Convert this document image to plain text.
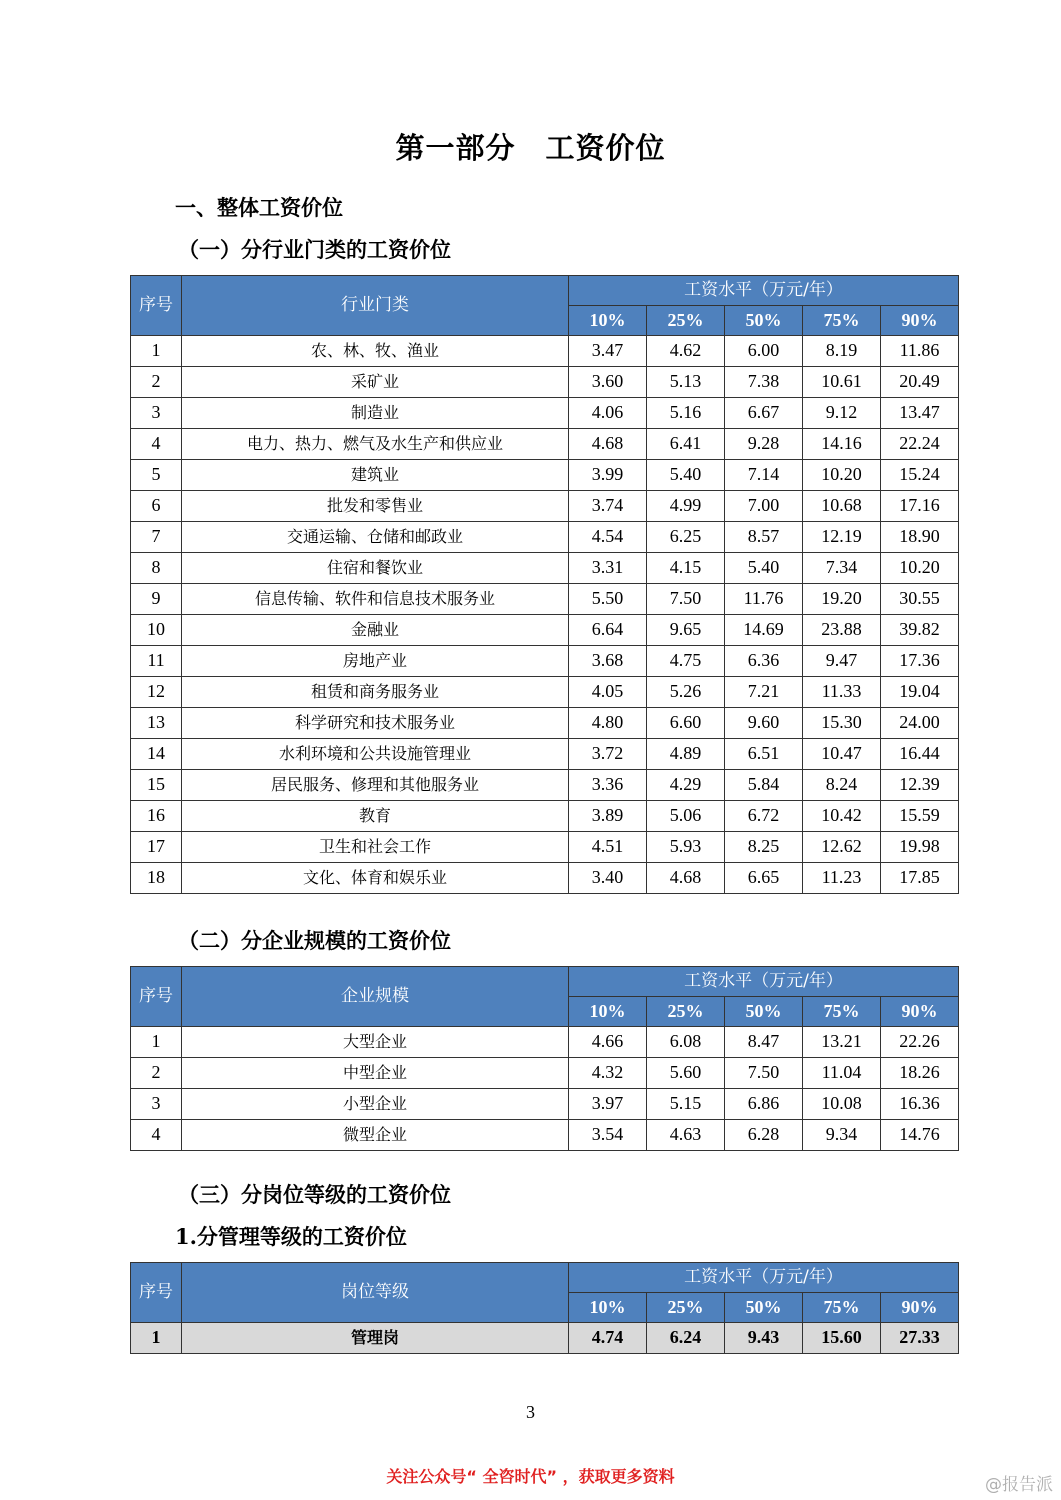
第一部分　工资价位
一、整体工资价位
（一）分行业门类的工资价位
序号	行业门类	工资水平（万元/年）				
		10%	25%	50%	75%	90%
1	农、林、牧、渔业	3.47	4.62	6.00	8.19	11.86
2	采矿业	3.60	5.13	7.38	10.61	20.49
3	制造业	4.06	5.16	6.67	9.12	13.47
4	电力、热力、燃气及水生产和供应业	4.68	6.41	9.28	14.16	22.24
5	建筑业	3.99	5.40	7.14	10.20	15.24
6	批发和零售业	3.74	4.99	7.00	10.68	17.16
7	交通运输、仓储和邮政业	4.54	6.25	8.57	12.19	18.90
8	住宿和餐饮业	3.31	4.15	5.40	7.34	10.20
9	信息传输、软件和信息技术服务业	5.50	7.50	11.76	19.20	30.55
10	金融业	6.64	9.65	14.69	23.88	39.82
11	房地产业	3.68	4.75	6.36	9.47	17.36
12	租赁和商务服务业	4.05	5.26	7.21	11.33	19.04
13	科学研究和技术服务业	4.80	6.60	9.60	15.30	24.00
14	水利环境和公共设施管理业	3.72	4.89	6.51	10.47	16.44
15	居民服务、修理和其他服务业	3.36	4.29	5.84	8.24	12.39
16	教育	3.89	5.06	6.72	10.42	15.59
17	卫生和社会工作	4.51	5.93	8.25	12.62	19.98
18	文化、体育和娱乐业	3.40	4.68	6.65	11.23	17.85
（二）分企业规模的工资价位
序号	企业规模	工资水平（万元/年）				
		10%	25%	50%	75%	90%
1	大型企业	4.66	6.08	8.47	13.21	22.26
2	中型企业	4.32	5.60	7.50	11.04	18.26
3	小型企业	3.97	5.15	6.86	10.08	16.36
4	微型企业	3.54	4.63	6.28	9.34	14.76
（三）分岗位等级的工资价位
1.分管理等级的工资价位
序号	岗位等级	工资水平（万元/年）				
		10%	25%	50%	75%	90%
1	管理岗	4.74	6.24	9.43	15.60	27.33
3
关注公众号“ 全咨时代” ，获取更多资料	@报告派
